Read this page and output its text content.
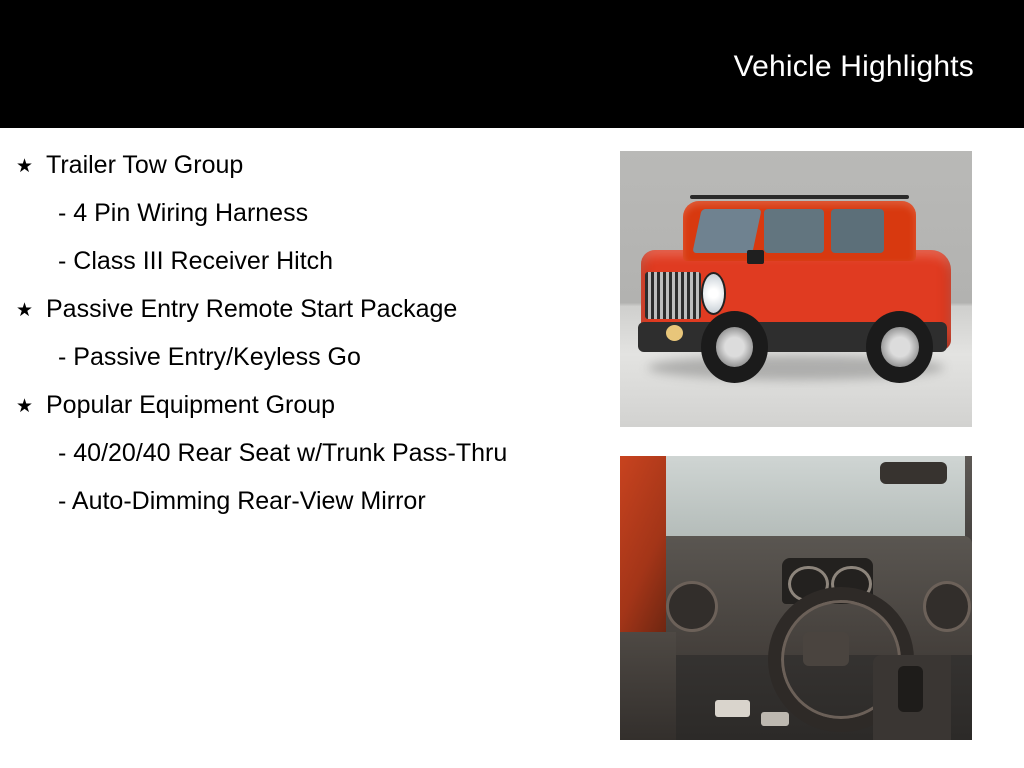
Vehicle Highlights
★ Trailer Tow Group
- 4 Pin Wiring Harness
- Class III Receiver Hitch
★ Passive Entry Remote Start Package
- Passive Entry/Keyless Go
★ Popular Equipment Group
- 40/20/40 Rear Seat w/Trunk Pass-Thru
- Auto-Dimming Rear-View Mirror
